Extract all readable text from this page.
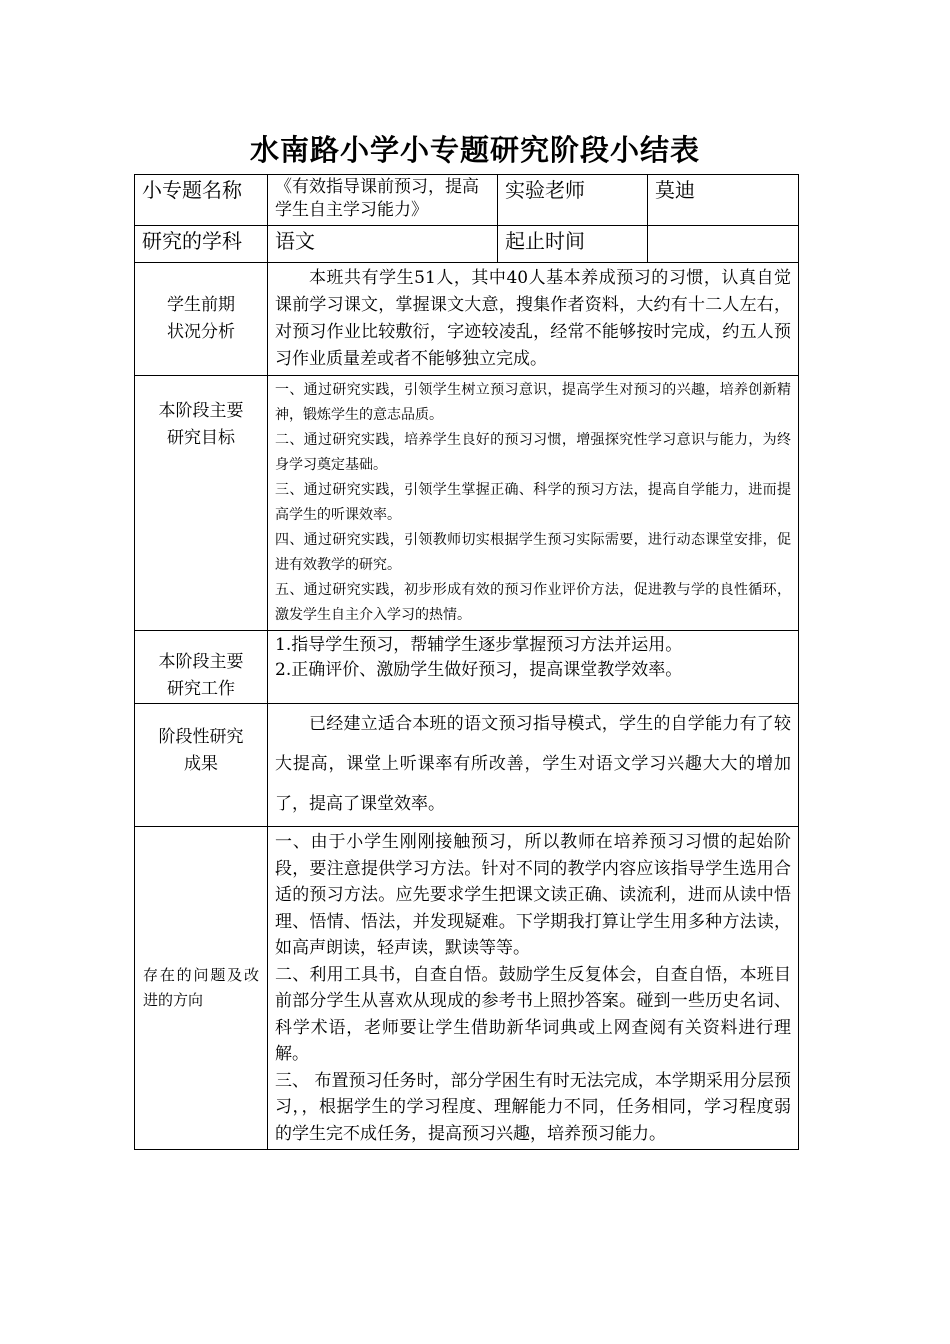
水南路小学小专题研究阶段小结表
小专题名称	《有效指导课前预习，提高学生自主学习能力》	实验老师	莫迪
研究的学科	语文	起止时间	
学生前期状况分析	本班共有学生51人，其中40人基本养成预习的习惯，认真自觉课前学习课文，掌握课文大意，搜集作者资料，大约有十二人左右，对预习作业比较敷衍，字迹较凌乱，经常不能够按时完成，约五人预习作业质量差或者不能够独立完成。		

本阶段主要研究目标	一、通过研究实践，引领学生树立预习意识，提高学生对预习的兴趣，培养创新精神，锻炼学生的意志品质。

二、通过研究实践，培养学生良好的预习习惯，增强探究性学习意识与能力，为终身学习奠定基础。

三、通过研究实践，引领学生掌握正确、科学的预习方法，提高自学能力，进而提高学生的听课效率。

四、通过研究实践，引领教师切实根据学生预习实际需要，进行动态课堂安排，促进有效教学的研究。

五、通过研究实践，初步形成有效的预习作业评价方法，促进教与学的良性循环，激发学生自主介入学习的热情。		

本阶段主要研究工作	1.指导学生预习，帮辅学生逐步掌握预习方法并运用。

2.正确评价、激励学生做好预习，提高课堂教学效率。		

阶段性研究成果	已经建立适合本班的语文预习指导模式，学生的自学能力有了较大提高，课堂上听课率有所改善，学生对语文学习兴趣大大的增加了，提高了课堂效率。		

存在的问题及改进的方向	一、由于小学生刚刚接触预习，所以教师在培养预习习惯的起始阶段，要注意提供学习方法。针对不同的教学内容应该指导学生选用合适的预习方法。应先要求学生把课文读正确、读流利，进而从读中悟理、悟情、悟法，并发现疑难。下学期我打算让学生用多种方法读，如高声朗读，轻声读，默读等等。

二、利用工具书，自查自悟。鼓励学生反复体会，自查自悟，本班目前部分学生从喜欢从现成的参考书上照抄答案。碰到一些历史名词、科学术语，老师要让学生借助新华词典或上网查阅有关资料进行理解。

三、 布置预习任务时，部分学困生有时无法完成，本学期采用分层预习，，根据学生的学习程度、理解能力不同，任务相同，学习程度弱的学生完不成任务，提高预习兴趣，培养预习能力。		
